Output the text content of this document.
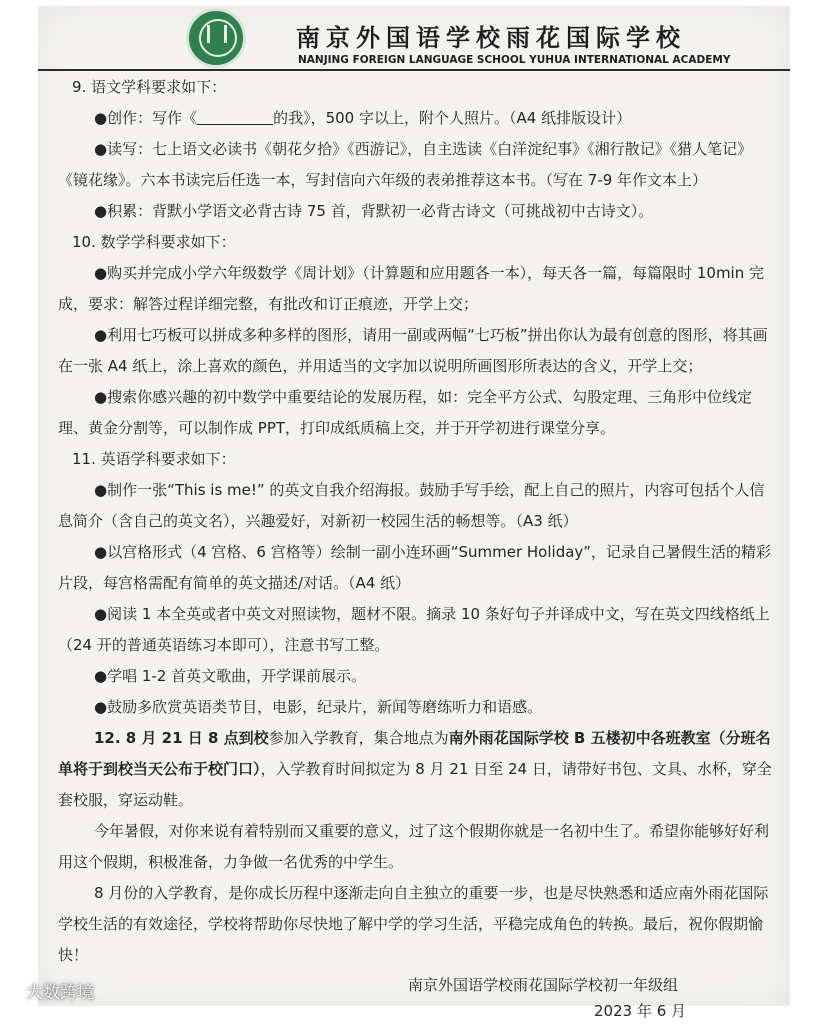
南京外国语学校雨花国际学校
NANJING FOREIGN LANGUAGE SCHOOL YUHUA INTERNATIONAL ACADEMY

9. 语文学科要求如下：

●创作：写作《	的我》，500 字以上，附个人照片。（A4 纸排版设计）

●读写：七上语文必读书《朝花夕拾》《西游记》，自主选读《白洋淀纪事》《湘行散记》《猎人笔记》《镜花缘》。六本书读完后任选一本，写封信向六年级的表弟推荐这本书。（写在 7-9 年作文本上）

●积累：背默小学语文必背古诗 75 首，背默初一必背古诗文（可挑战初中古诗文）。

10. 数学学科要求如下：

●购买并完成小学六年级数学《周计划》（计算题和应用题各一本），每天各一篇，每篇限时 10min 完成，要求：解答过程详细完整，有批改和订正痕迹，开学上交；

●利用七巧板可以拼成多种多样的图形，请用一副或两幅“七巧板”拼出你认为最有创意的图形，将其画在一张 A4 纸上，涂上喜欢的颜色，并用适当的文字加以说明所画图形所表达的含义，开学上交；

●搜索你感兴趣的初中数学中重要结论的发展历程，如：完全平方公式、勾股定理、三角形中位线定理、黄金分割等，可以制作成 PPT，打印成纸质稿上交，并于开学初进行课堂分享。

11. 英语学科要求如下：

●制作一张“This is me!” 的英文自我介绍海报。鼓励手写手绘，配上自己的照片，内容可包括个人信息简介（含自己的英文名），兴趣爱好，对新初一校园生活的畅想等。（A3 纸）

●以宫格形式（4 宫格、6 宫格等）绘制一副小连环画“Summer Holiday”，记录自己暑假生活的精彩片段，每宫格需配有简单的英文描述/对话。（A4 纸）

●阅读 1 本全英或者中英文对照读物，题材不限。摘录 10 条好句子并译成中文，写在英文四线格纸上（24 开的普通英语练习本即可），注意书写工整。

●学唱 1-2 首英文歌曲，开学课前展示。

●鼓励多欣赏英语类节目，电影，纪录片，新闻等磨练听力和语感。

12. 8 月 21 日 8 点到校参加入学教育，集合地点为南外雨花国际学校 B 五楼初中各班教室（分班名单将于到校当天公布于校门口），入学教育时间拟定为 8 月 21 日至 24 日，请带好书包、文具、水杯，穿全套校服，穿运动鞋。

今年暑假，对你来说有着特别而又重要的意义，过了这个假期你就是一名初中生了。希望你能够好好利用这个假期，积极准备，力争做一名优秀的中学生。

8 月份的入学教育，是你成长历程中逐渐走向自主独立的重要一步，也是尽快熟悉和适应南外雨花国际学校生活的有效途径，学校将帮助你尽快地了解中学的学习生活，平稳完成角色的转换。最后，祝你假期愉快！

南京外国语学校雨花国际学校初一年级组
2023 年 6 月
大数跨境
